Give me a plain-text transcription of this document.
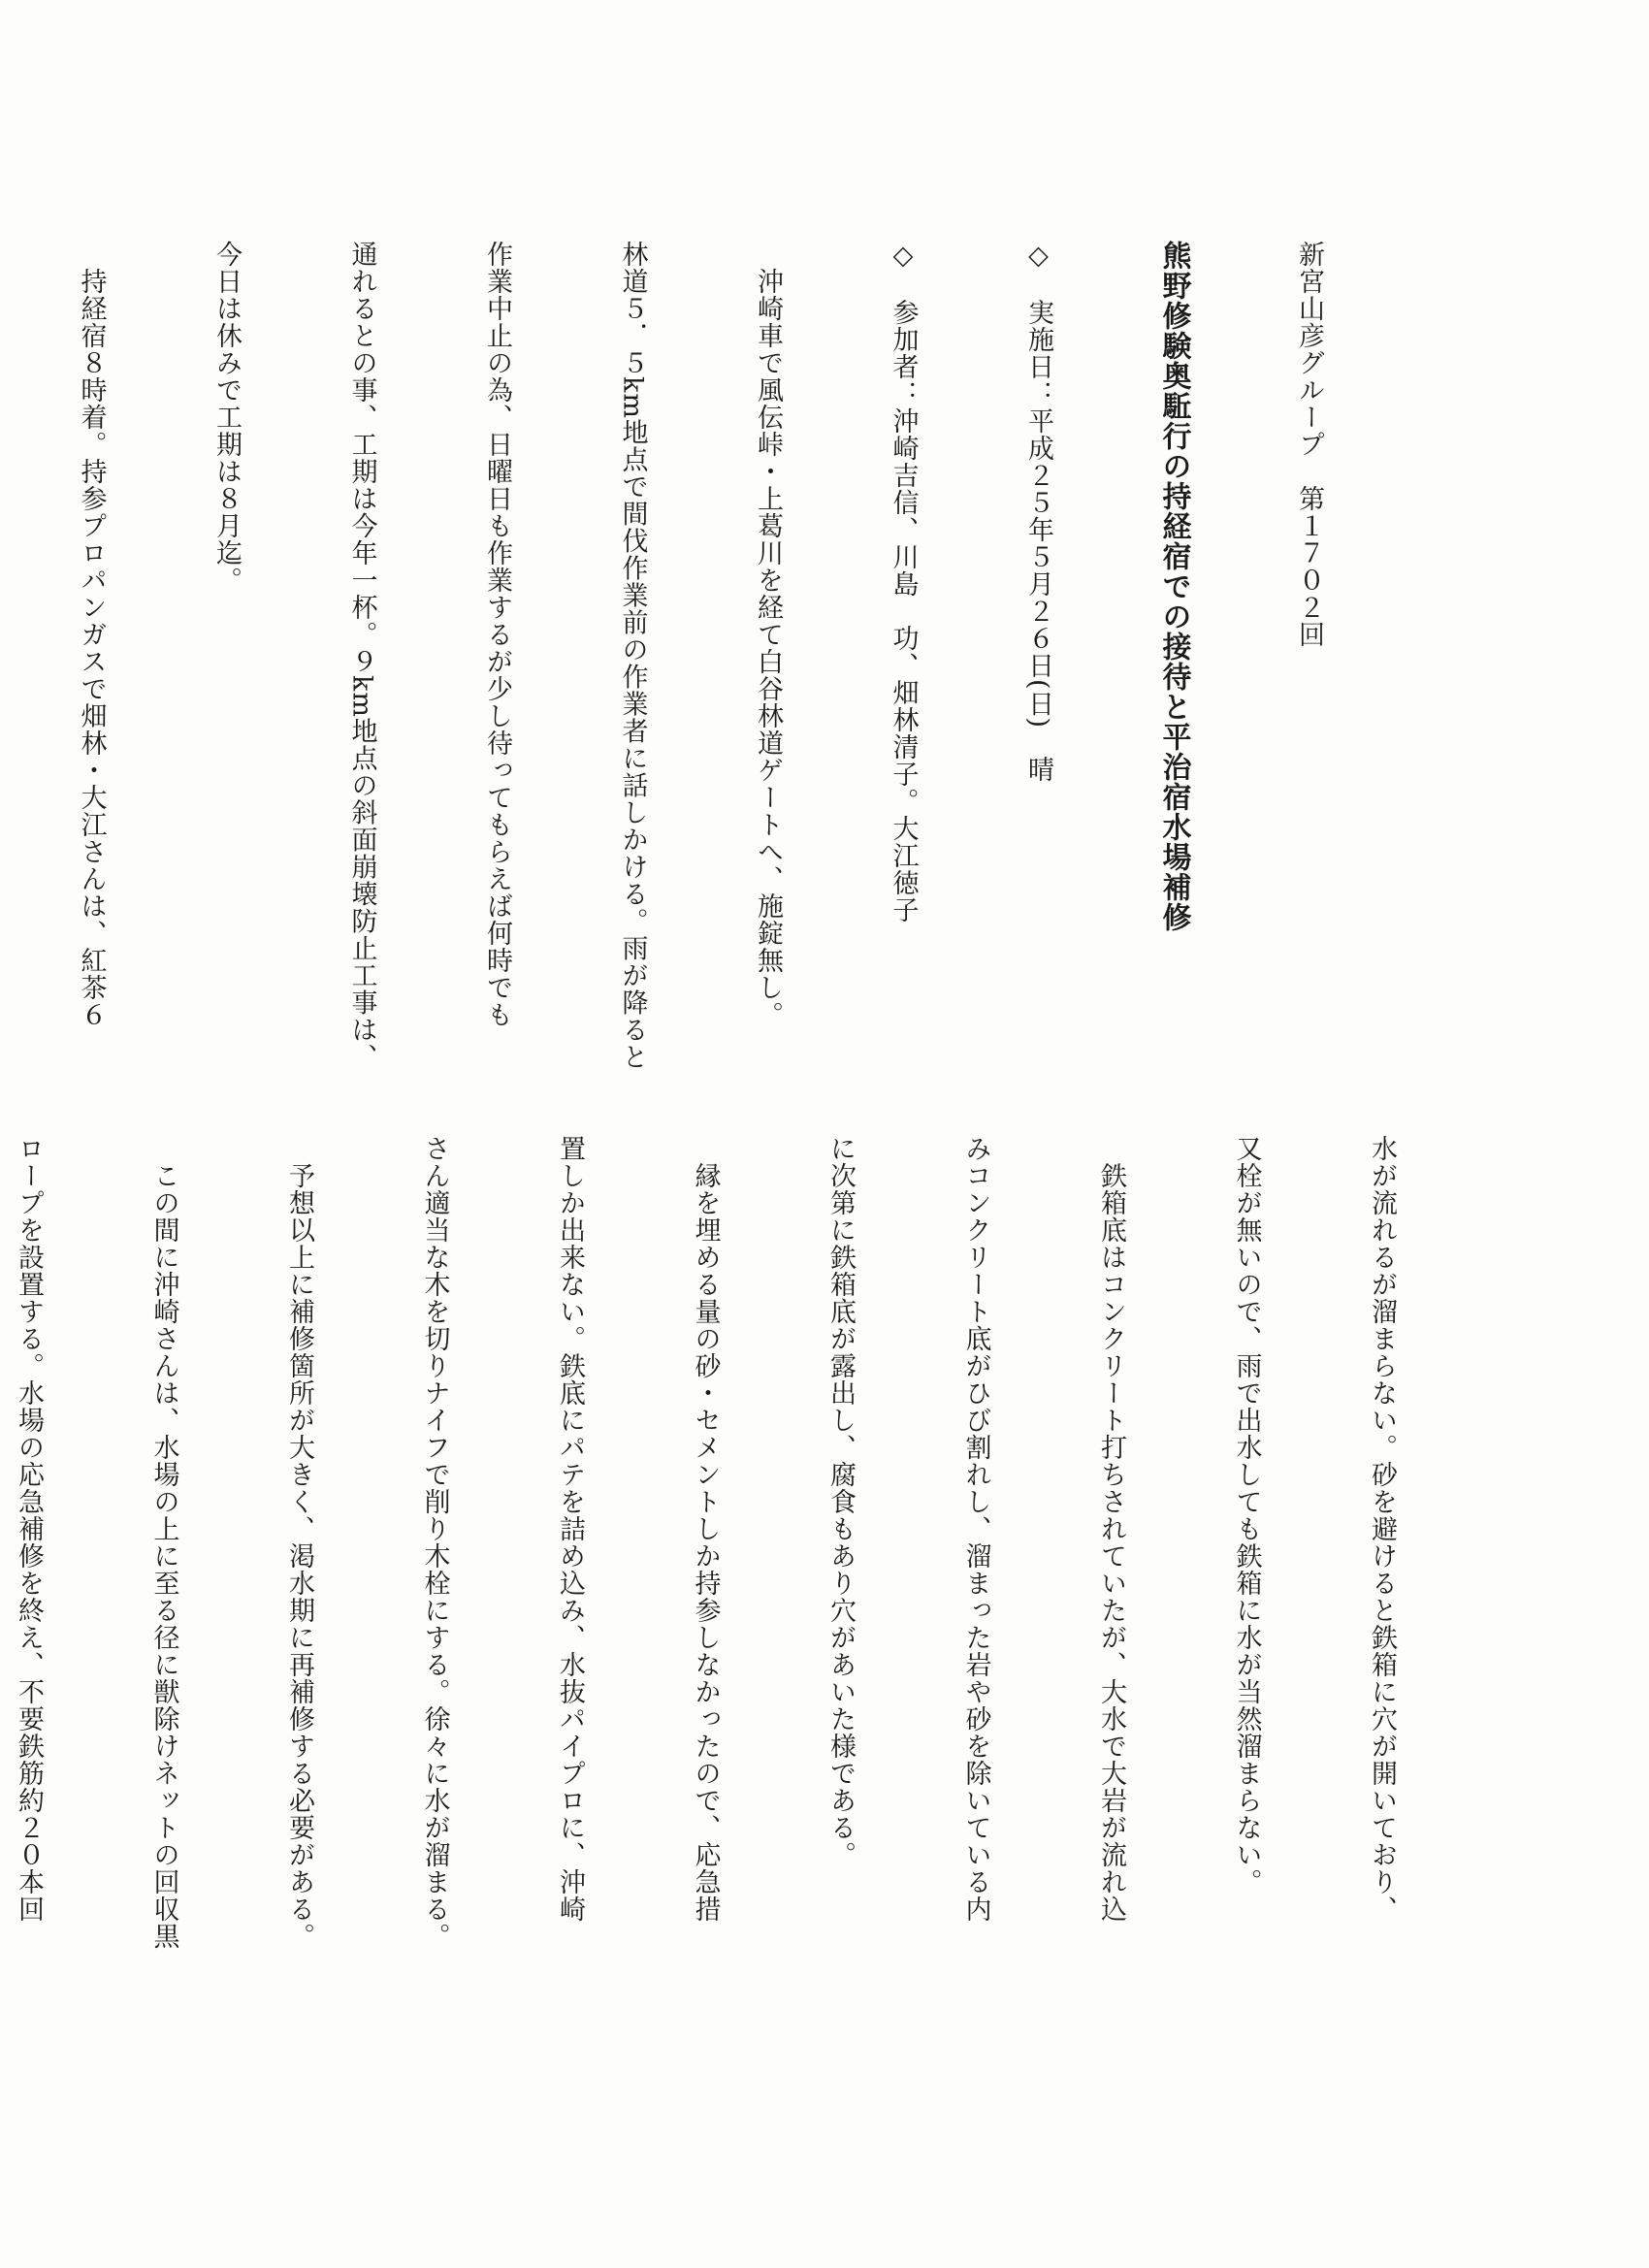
新宮山彦グループ　第１７０２回

熊野修験奥駈行の持経宿での接待と平治宿水場補修

◇　実施日：平成２５年５月２６日(日)　晴

◇　参加者：沖崎吉信、川島　功、畑林清子。大江徳子

　沖崎車で風伝峠・上葛川を経て白谷林道ゲートへ、施錠無し。

林道５．５km地点で間伐作業前の作業者に話しかける。雨が降ると

作業中止の為、日曜日も作業するが少し待ってもらえば何時でも

通れるとの事、工期は今年一杯。９km地点の斜面崩壊防止工事は、

今日は休みで工期は８月迄。

　持経宿８時着。持参プロパンガスで畑林・大江さんは、紅茶６

水が流れるが溜まらない。砂を避けると鉄箱に穴が開いており、

又栓が無いので、雨で出水しても鉄箱に水が当然溜まらない。

　鉄箱底はコンクリート打ちされていたが、大水で大岩が流れ込

みコンクリート底がひび割れし、溜まった岩や砂を除いている内

に次第に鉄箱底が露出し、腐食もあり穴があいた様である。

　縁を埋める量の砂・セメントしか持参しなかったので、応急措

置しか出来ない。鉄底にパテを詰め込み、水抜パイプロに、沖崎

さん適当な木を切りナイフで削り木栓にする。徐々に水が溜まる。

　予想以上に補修箇所が大きく、渇水期に再補修する必要がある。

　この間に沖崎さんは、水場の上に至る径に獣除けネットの回収黒

ロープを設置する。水場の応急補修を終え、不要鉄筋約２０本回
